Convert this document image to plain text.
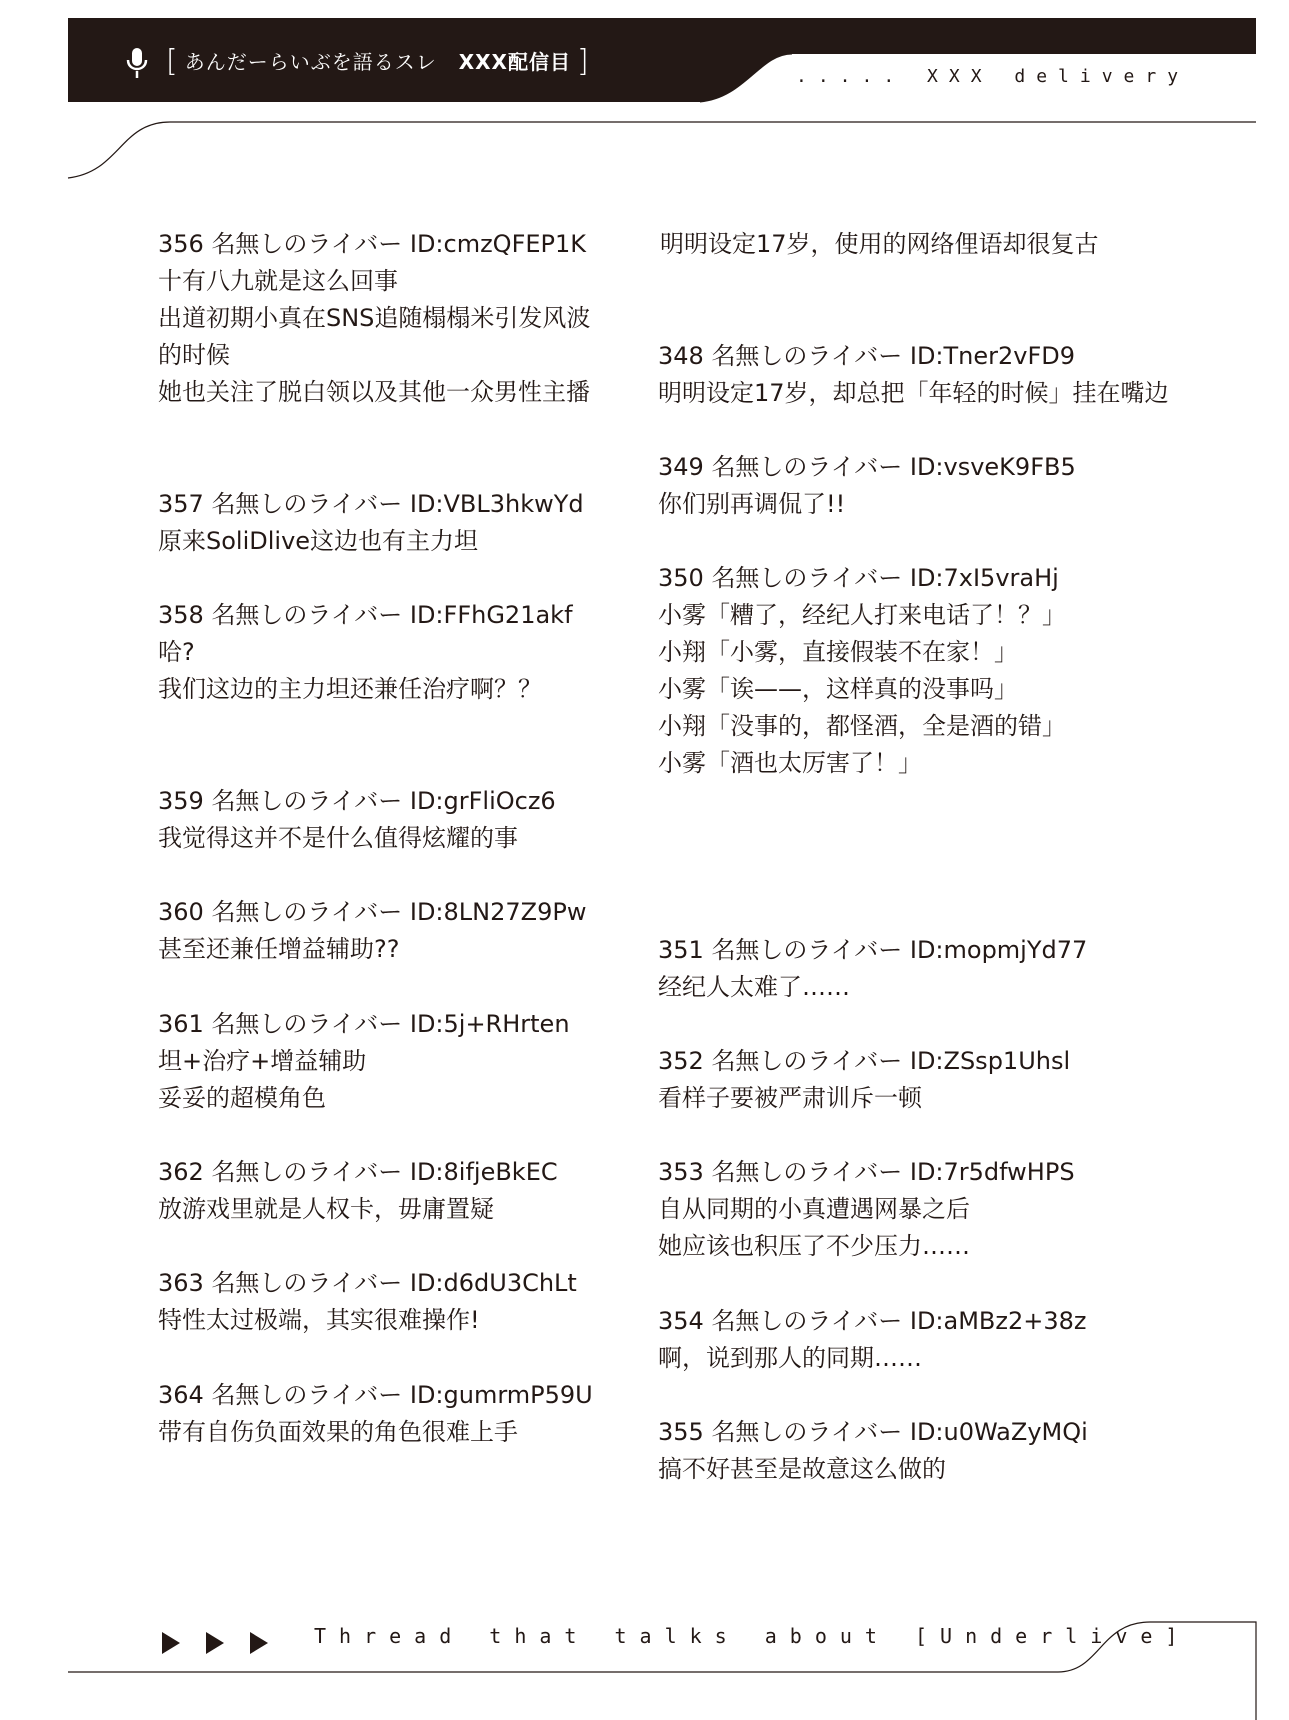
[ あんだーらいぶを語るスレ XXX配信目 ]	..... XXX delivery
356 名無しのライバー ID:cmzQFEP1K
十有八九就是这么回事
出道初期小真在SNS追随榻榻米引发风波
的时候
她也关注了脱白领以及其他一众男性主播
357 名無しのライバー ID:VBL3hkwYd
原来SoliDlive这边也有主力坦
358 名無しのライバー ID:FFhG21akf
哈?
我们这边的主力坦还兼任治疗啊？？
359 名無しのライバー ID:grFliOcz6
我觉得这并不是什么值得炫耀的事
360 名無しのライバー ID:8LN27Z9Pw
甚至还兼任增益辅助??
361 名無しのライバー ID:5j+RHrten
坦+治疗+增益辅助
妥妥的超模角色
362 名無しのライバー ID:8ifjeBkEC
放游戏里就是人权卡，毋庸置疑
363 名無しのライバー ID:d6dU3ChLt
特性太过极端，其实很难操作!
364 名無しのライバー ID:gumrmP59U
带有自伤负面效果的角色很难上手
明明设定17岁，使用的网络俚语却很复古
348 名無しのライバー ID:Tner2vFD9
明明设定17岁，却总把「年轻的时候」挂在嘴边
349 名無しのライバー ID:vsveK9FB5
你们别再调侃了!!
350 名無しのライバー ID:7xI5vraHj
小雾「糟了，经纪人打来电话了！？」
小翔「小雾，直接假装不在家！」
小雾「诶——，这样真的没事吗」
小翔「没事的，都怪酒，全是酒的错」
小雾「酒也太厉害了！」
351 名無しのライバー ID:mopmjYd77
经纪人太难了……
352 名無しのライバー ID:ZSsp1Uhsl
看样子要被严肃训斥一顿
353 名無しのライバー ID:7r5dfwHPS
自从同期的小真遭遇网暴之后
她应该也积压了不少压力……
354 名無しのライバー ID:aMBz2+38z
啊，说到那人的同期……
355 名無しのライバー ID:u0WaZyMQi
搞不好甚至是故意这么做的
Thread that talks about [Underlive]
